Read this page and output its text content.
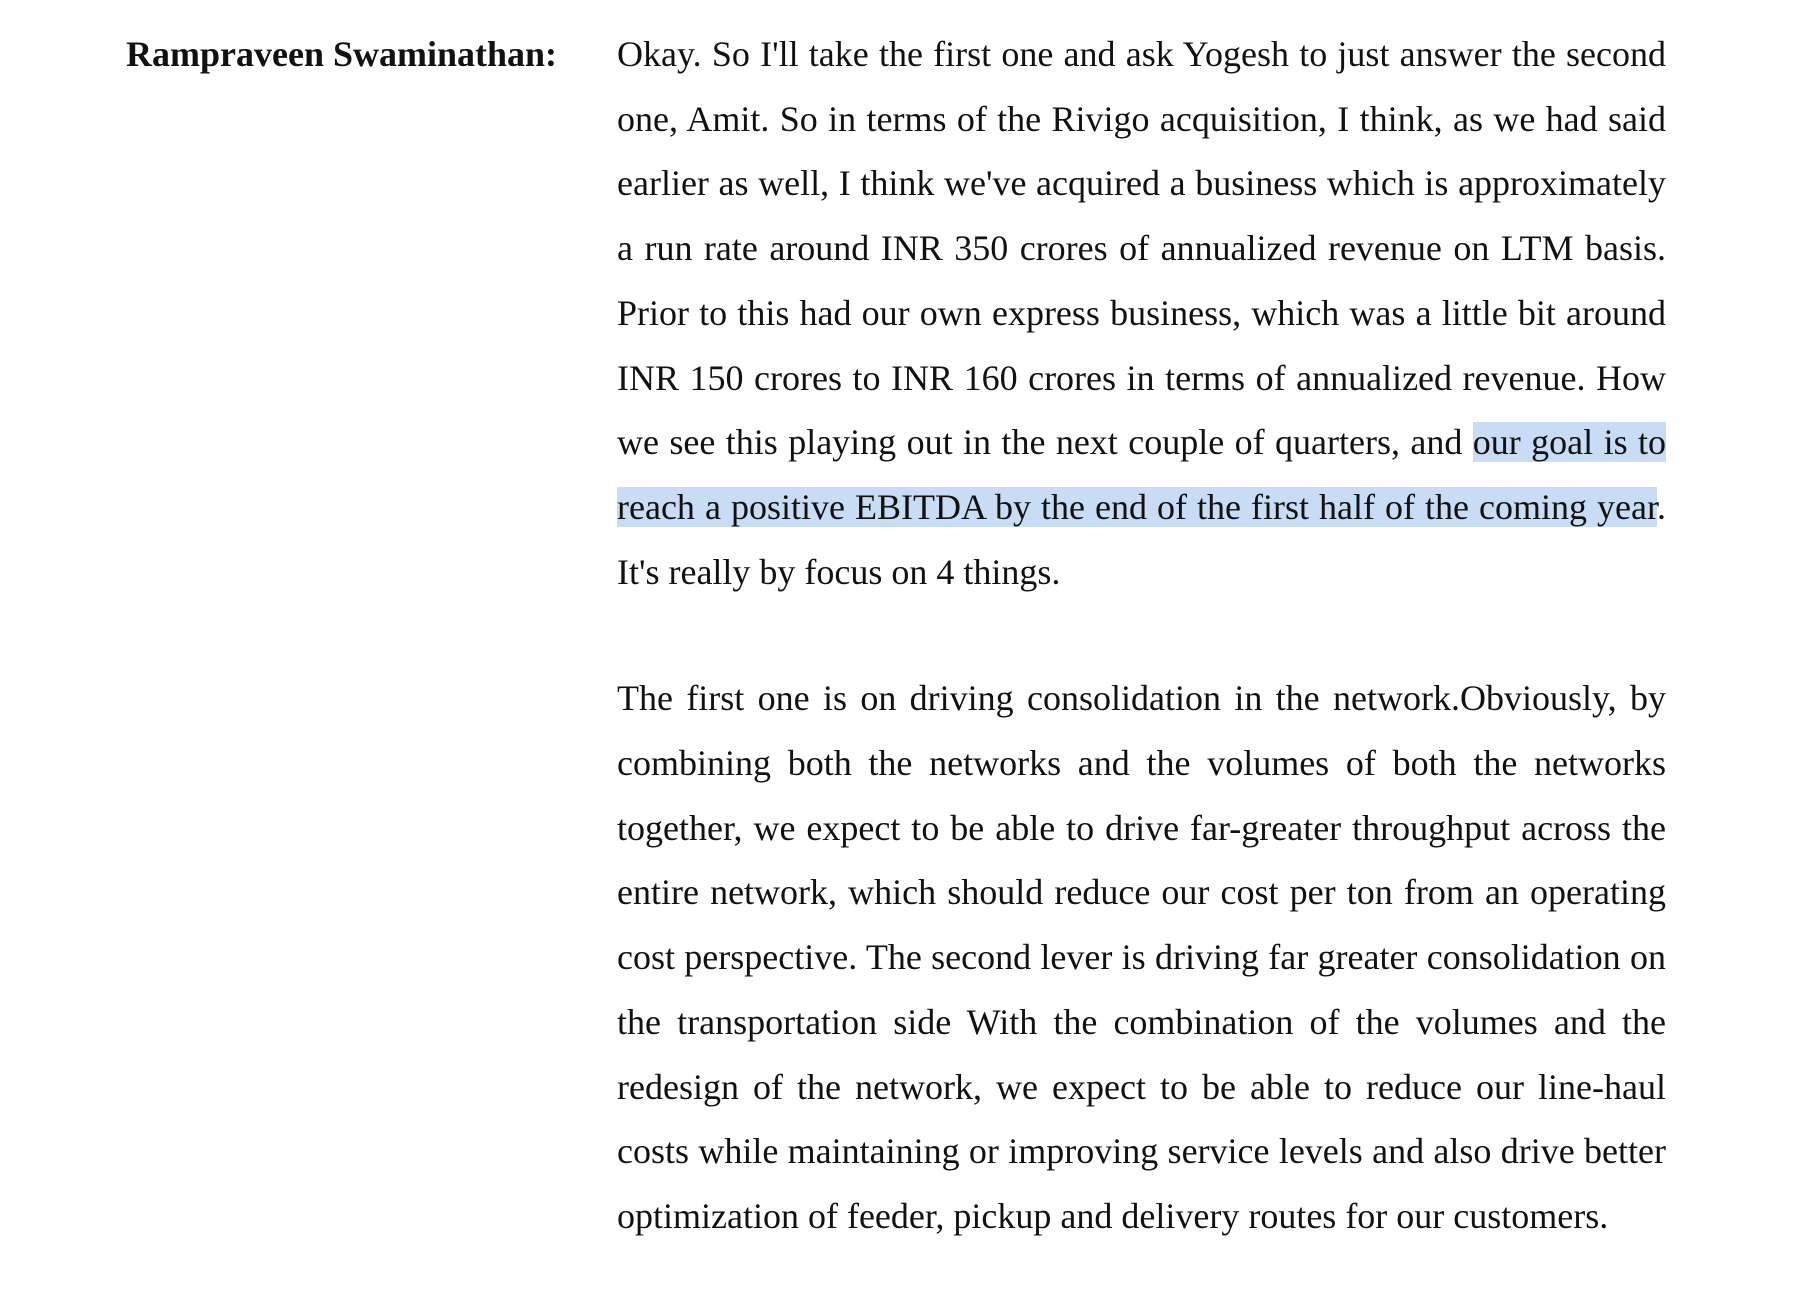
Rampraveen Swaminathan: Okay. So I'll take the first one and ask Yogesh to just answer the second one, Amit. So in terms of the Rivigo acquisition, I think, as we had said earlier as well, I think we've acquired a business which is approximately a run rate around INR 350 crores of annualized revenue on LTM basis. Prior to this had our own express business, which was a little bit around INR 150 crores to INR 160 crores in terms of annualized revenue. How we see this playing out in the next couple of quarters, and our goal is to reach a positive EBITDA by the end of the first half of the coming year. It's really by focus on 4 things.

The first one is on driving consolidation in the network.Obviously, by combining both the networks and the volumes of both the networks together, we expect to be able to drive far-greater throughput across the entire network, which should reduce our cost per ton from an operating cost perspective. The second lever is driving far greater consolidation on the transportation side With the combination of the volumes and the redesign of the network, we expect to be able to reduce our line-haul costs while maintaining or improving service levels and also drive better optimization of feeder, pickup and delivery routes for our customers.
